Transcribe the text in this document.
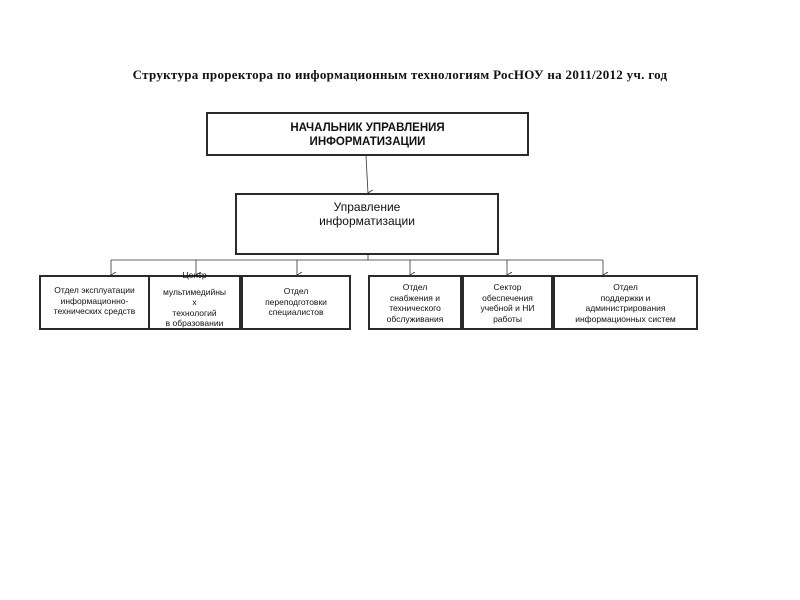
Структура проректора по информационным технологиям РосНОУ на 2011/2012 уч. год
НАЧАЛЬНИК УПРАВЛЕНИЯ
ИНФОРМАТИЗАЦИИ
Управление
информатизации
Отдел эксплуатации
информационно-
технических средств
Центр
мультимедийны
х
технологий
в образовании
Отдел
переподготовки
специалистов
Отдел
снабжения и
технического
обслуживания
Сектор
обеспечения
учебной и НИ
работы
Отдел
поддержки и
администрирования
информационных систем
